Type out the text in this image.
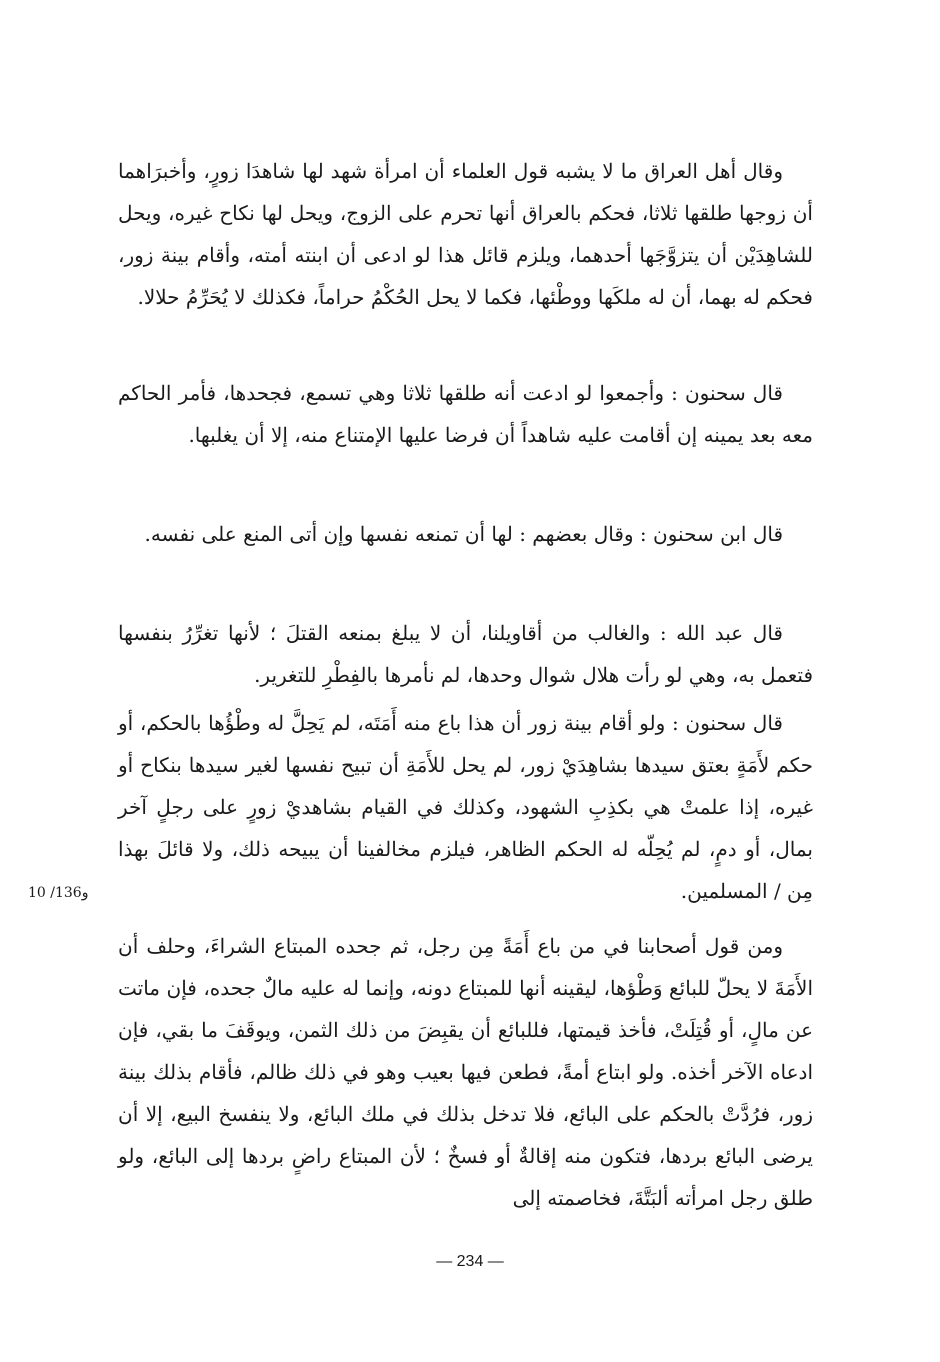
وقال أهل العراق ما لا يشبه قول العلماء أن امرأة شهد لها شاهدَا زورٍ، وأخبرَاهما أن زوجها طلقها ثلاثا، فحكم بالعراق أنها تحرم على الزوج، ويحل لها نكاح غيره، ويحل للشاهِدَيْن أن يتزوَّجَها أحدهما، ويلزم قائل هذا لو ادعى أن ابنته أمته، وأقام بينة زور، فحكم له بهما، أن له ملكَها ووطْئها، فكما لا يحل الحُكْمُ حراماً، فكذلك لا يُحَرِّمُ حلالا.

قال سحنون : وأجمعوا لو ادعت أنه طلقها ثلاثا وهي تسمع، فجحدها، فأمر الحاكم معه بعد يمينه إن أقامت عليه شاهداً أن فرضا عليها الإمتناع منه، إلا أن يغلبها.

قال ابن سحنون : وقال بعضهم : لها أن تمنعه نفسها وإن أتى المنع على نفسه.

قال عبد الله : والغالب من أقاويلنا، أن لا يبلغ بمنعه القتلَ ؛ لأنها تغرِّرُ بنفسها فتعمل به، وهي لو رأت هلال شوال وحدها، لم نأمرها بالفِطْرِ للتغرير.

قال سحنون : ولو أقام بينة زور أن هذا باع منه أَمَتَه، لم يَحِلَّ له وطْؤُها بالحكم، أو حكم لأَمَةٍ بعتق سيدها بشاهِدَيْ زور، لم يحل للأَمَةِ أن تبيح نفسها لغير سيدها بنكاح أو غيره، إذا علمتْ هي بكذِبِ الشهود، وكذلك في القيام بشاهديْ زورٍ على رجلٍ آخر بمال، أو دمٍ، لم يُحِلّه له الحكم الظاهر، فيلزم مخالفينا أن يبيحه ذلك، ولا قائلَ بهذا مِن / المسلمين.

10 /136و

ومن قول أصحابنا في من باع أَمَةً مِن رجل، ثم جحده المبتاع الشراءَ، وحلف أن الأَمَةَ لا يحلّ للبائع وَطْؤها، ليقينه أنها للمبتاع دونه، وإنما له عليه مالٌ جحده، فإن ماتت عن مالٍ، أو قُتِلَتْ، فأخذ قيمتها، فللبائع أن يقبِضَ من ذلك الثمن، ويوقَفَ ما بقي، فإن ادعاه الآخر أخذه. ولو ابتاع أمةً، فطعن فيها بعيب وهو في ذلك ظالم، فأقام بذلك بينة زور، فرُدَّتْ بالحكم على البائع، فلا تدخل بذلك في ملك البائع، ولا ينفسخ البيع، إلا أن يرضى البائع بردها، فتكون منه إقالةٌ أو فسخٌ ؛ لأن المبتاع راضٍ بردها إلى البائع، ولو طلق رجل امرأته ألبَتَّةَ، فخاصمته إلى

— 234 —
